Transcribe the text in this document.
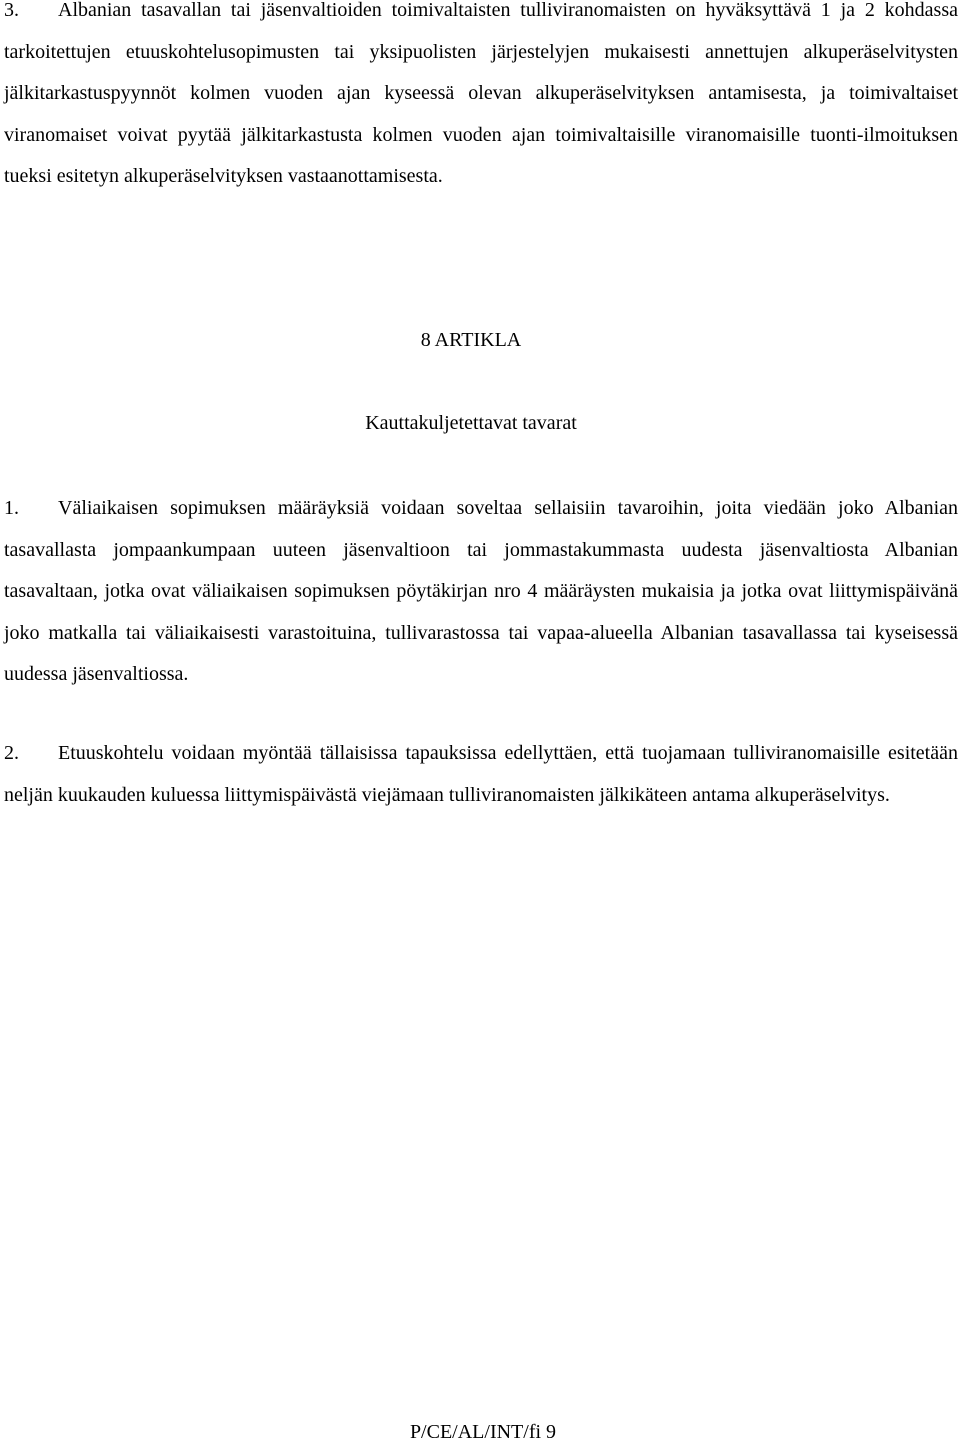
3. Albanian tasavallan tai jäsenvaltioiden toimivaltaisten tulliviranomaisten on hyväksyttävä 1 ja 2 kohdassa tarkoitettujen etuuskohtelusopimusten tai yksipuolisten järjestelyjen mukaisesti annettujen alkuperäselvitysten jälkitarkastuspyynnöt kolmen vuoden ajan kyseessä olevan alkuperäselvityksen antamisesta, ja toimivaltaiset viranomaiset voivat pyytää jälkitarkastusta kolmen vuoden ajan toimivaltaisille viranomaisille tuonti-ilmoituksen tueksi esitetyn alkuperäselvityksen vastaanottamisesta.

8 ARTIKLA

Kauttakuljetettavat tavarat

1. Väliaikaisen sopimuksen määräyksiä voidaan soveltaa sellaisiin tavaroihin, joita viedään joko Albanian tasavallasta jompaankumpaan uuteen jäsenvaltioon tai jommastakummasta uudesta jäsenvaltiosta Albanian tasavaltaan, jotka ovat väliaikaisen sopimuksen pöytäkirjan nro 4 määräysten mukaisia ja jotka ovat liittymispäivänä joko matkalla tai väliaikaisesti varastoituina, tullivarastossa tai vapaa-alueella Albanian tasavallassa tai kyseisessä uudessa jäsenvaltiossa.

2. Etuuskohtelu voidaan myöntää tällaisissa tapauksissa edellyttäen, että tuojamaan tulliviranomaisille esitetään neljän kuukauden kuluessa liittymispäivästä viejämaan tulliviranomaisten jälkikäteen antama alkuperäselvitys.

P/CE/AL/INT/fi 9
